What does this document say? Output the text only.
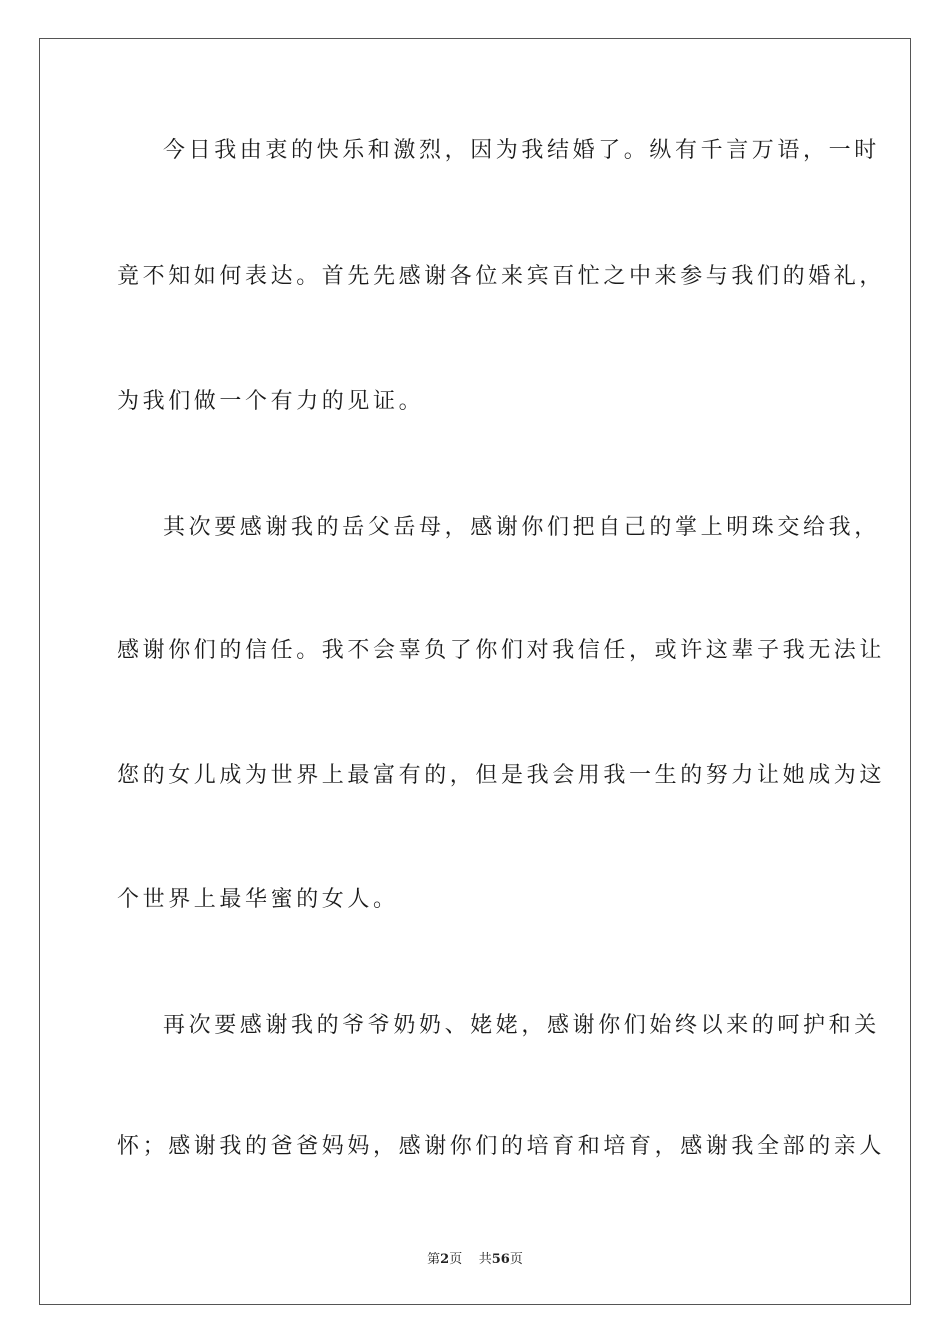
今日我由衷的快乐和激烈，因为我结婚了。纵有千言万语，一时
竟不知如何表达。首先先感谢各位来宾百忙之中来参与我们的婚礼，
为我们做一个有力的见证。
其次要感谢我的岳父岳母，感谢你们把自己的掌上明珠交给我，
感谢你们的信任。我不会辜负了你们对我信任，或许这辈子我无法让
您的女儿成为世界上最富有的，但是我会用我一生的努力让她成为这
个世界上最华蜜的女人。
再次要感谢我的爷爷奶奶、姥姥，感谢你们始终以来的呵护和关
怀；感谢我的爸爸妈妈，感谢你们的培育和培育，感谢我全部的亲人
第2页 共56页
